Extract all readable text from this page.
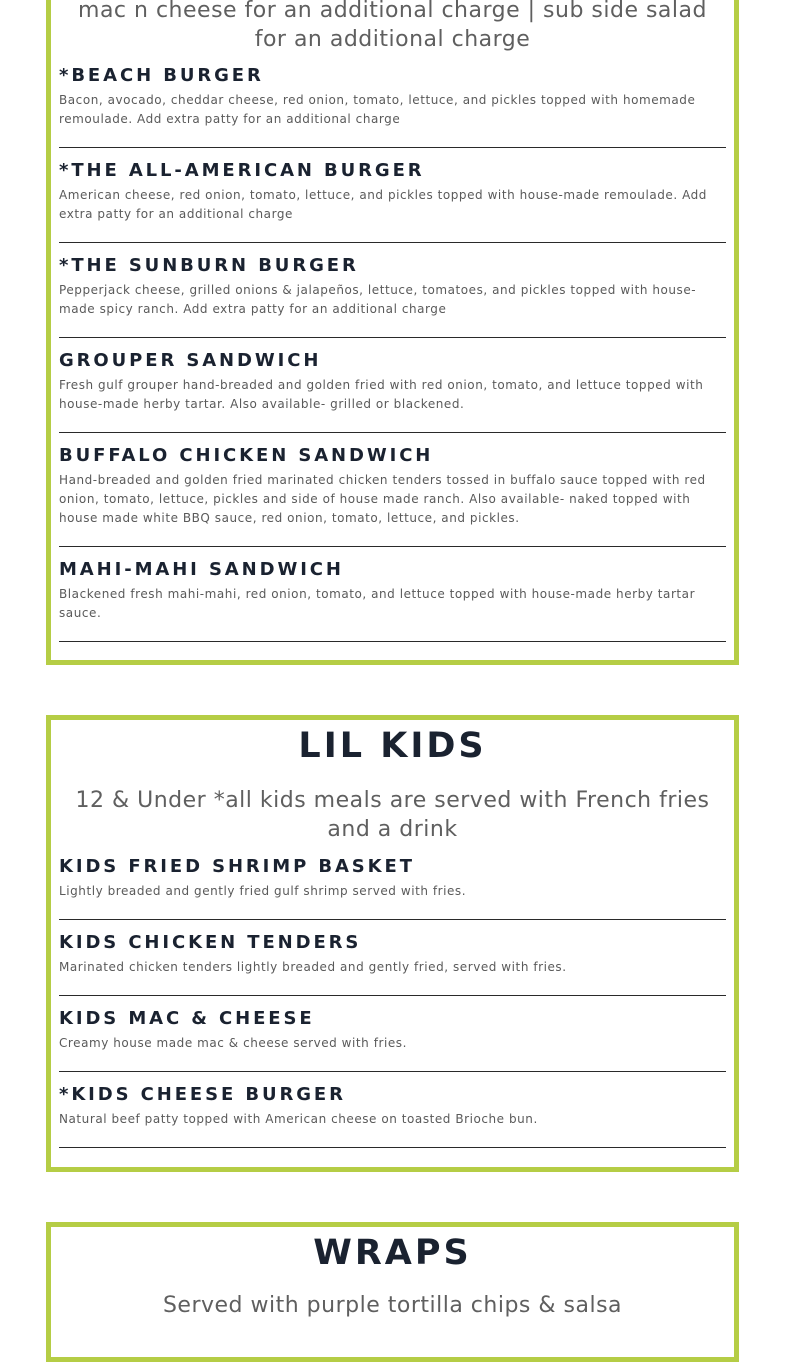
mac n cheese for an additional charge | sub side salad for an additional charge

*BEACH BURGER

Bacon, avocado, cheddar cheese, red onion, tomato, lettuce, and pickles topped with homemade remoulade. Add extra patty for an additional charge

*THE ALL-AMERICAN BURGER

American cheese, red onion, tomato, lettuce, and pickles topped with house-made remoulade. Add extra patty for an additional charge

*THE SUNBURN BURGER

Pepperjack cheese, grilled onions & jalapeños, lettuce, tomatoes, and pickles topped with house-made spicy ranch. Add extra patty for an additional charge

GROUPER SANDWICH

Fresh gulf grouper hand-breaded and golden fried with red onion, tomato, and lettuce topped with house-made herby tartar. Also available- grilled or blackened.

BUFFALO CHICKEN SANDWICH

Hand-breaded and golden fried marinated chicken tenders tossed in buffalo sauce topped with red onion, tomato, lettuce, pickles and side of house made ranch. Also available- naked topped with house made white BBQ sauce, red onion, tomato, lettuce, and pickles.

MAHI-MAHI SANDWICH

Blackened fresh mahi-mahi, red onion, tomato, and lettuce topped with house-made herby tartar sauce.

LIL KIDS

12 & Under *all kids meals are served with French fries and a drink

KIDS FRIED SHRIMP BASKET

Lightly breaded and gently fried gulf shrimp served with fries.

KIDS CHICKEN TENDERS

Marinated chicken tenders lightly breaded and gently fried, served with fries.

KIDS MAC & CHEESE

Creamy house made mac & cheese served with fries.

*KIDS CHEESE BURGER

Natural beef patty topped with American cheese on toasted Brioche bun.

WRAPS

Served with purple tortilla chips & salsa
